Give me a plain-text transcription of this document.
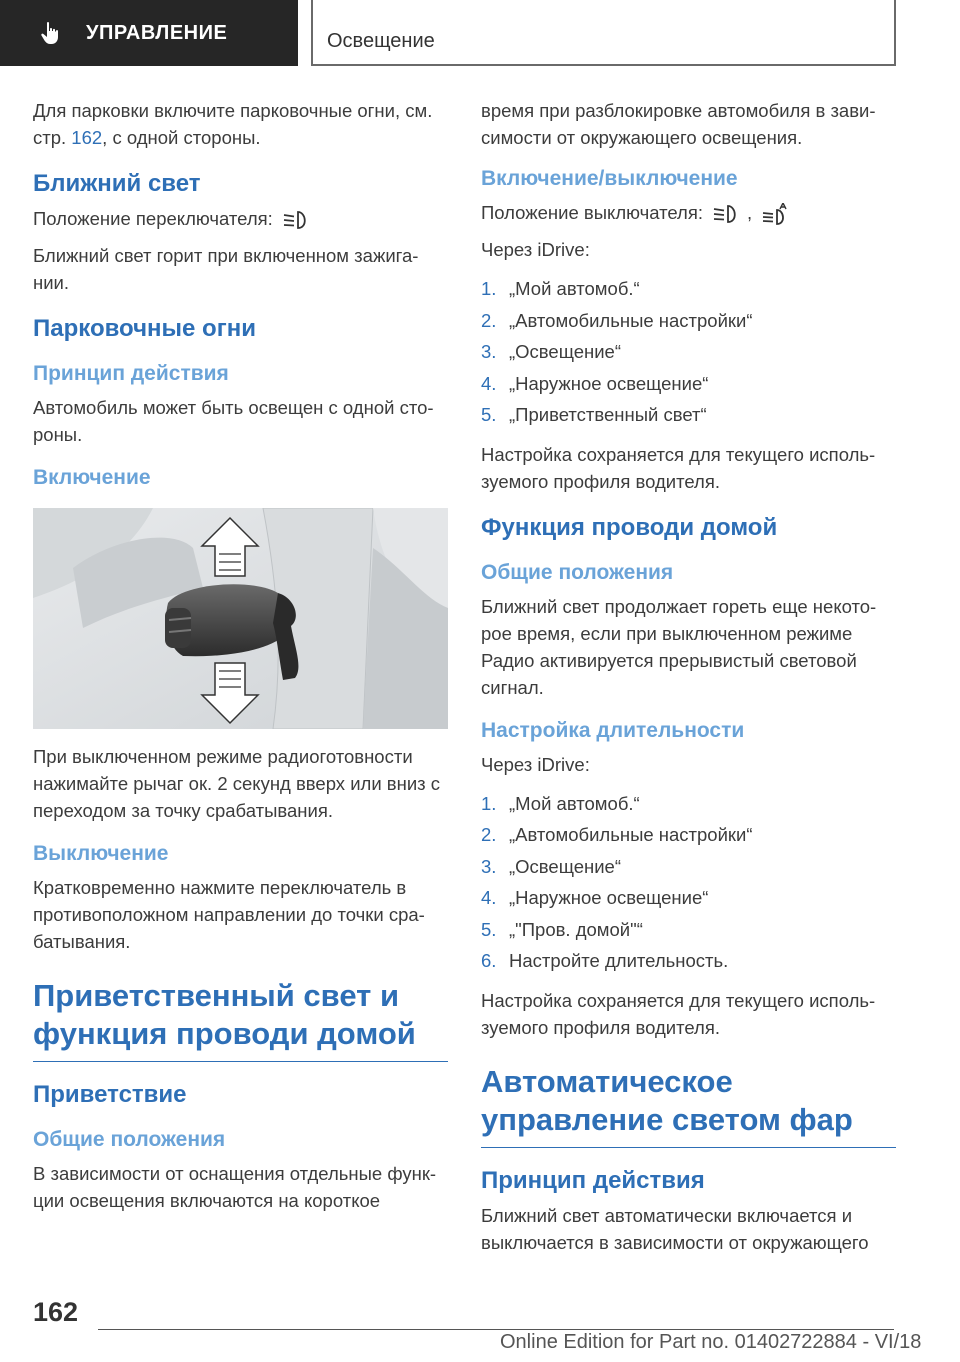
УПРАВЛЕНИЕ	Освещение

Для парковки включите парковочные огни, см. стр. 162, с одной стороны.

Ближний свет

Положение переключателя:

Ближний свет горит при включенном зажига-нии.

Парковочные огни
Принцип действия

Автомобиль может быть освещен с одной сто-роны.

Включение

При выключенном режиме радиоготовности нажимайте рычаг ок. 2 секунд вверх или вниз с переходом за точку срабатывания.

Выключение

Кратковременно нажмите переключатель в противоположном направлении до точки сра-батывания.

Приветственный свет и функция проводи домой
Приветствие
Общие положения

В зависимости от оснащения отдельные функ-ции освещения включаются на короткое

время при разблокировке автомобиля в зави-симости от окружающего освещения.

Включение/выключение

Положение выключателя: ,

Через iDrive:

1. „Мой автомоб.“
2. „Автомобильные настройки“
3. „Освещение“
4. „Наружное освещение“
5. „Приветственный свет“

Настройка сохраняется для текущего исполь-зуемого профиля водителя.

Функция проводи домой
Общие положения

Ближний свет продолжает гореть еще некото-рое время, если при выключенном режиме Радио активируется прерывистый световой сигнал.

Настройка длительности

Через iDrive:

1. „Мой автомоб.“
2. „Автомобильные настройки“
3. „Освещение“
4. „Наружное освещение“
5. „"Пров. домой"“
6. Настройте длительность.

Настройка сохраняется для текущего исполь-зуемого профиля водителя.

Автоматическое управление светом фар
Принцип действия

Ближний свет автоматически включается и выключается в зависимости от окружающего

162
Online Edition for Part no. 01402722884 - VI/18
